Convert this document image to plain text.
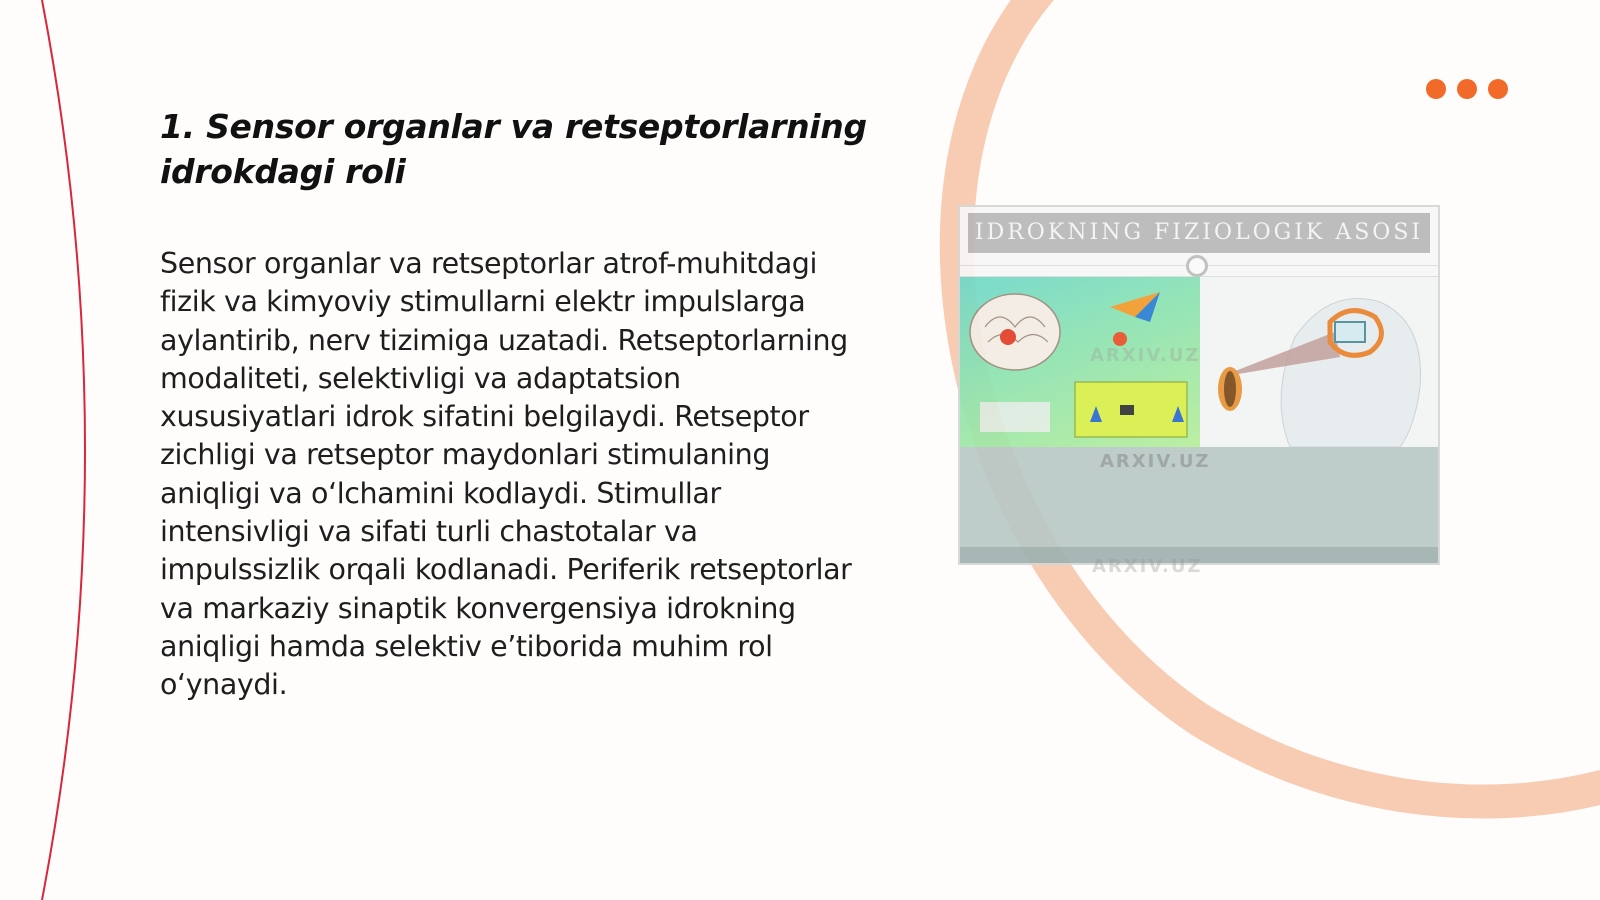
1. Sensor organlar va retseptorlarning idrokdagi roli

Sensor organlar va retseptorlar atrof-muhitdagi fizik va kimyoviy stimullarni elektr impulslarga aylantirib, nerv tizimiga uzatadi. Retseptorlarning modaliteti, selektivligi va adaptatsion xususiyatlari idrok sifatini belgilaydi. Retseptor zichligi va retseptor maydonlari stimulaning aniqligi va o‘lchamini kodlaydi. Stimullar intensivligi va sifati turli chastotalar va impulssizlik orqali kodlanadi. Periferik retseptorlar va markaziy sinaptik konvergensiya idrokning aniqligi hamda selektiv e’tiborida muhim rol o‘ynaydi.

IDROKNING FIZIOLOGIK ASOSI
ARXIV.UZ
ARXIV.UZ
ARXIV.UZ
